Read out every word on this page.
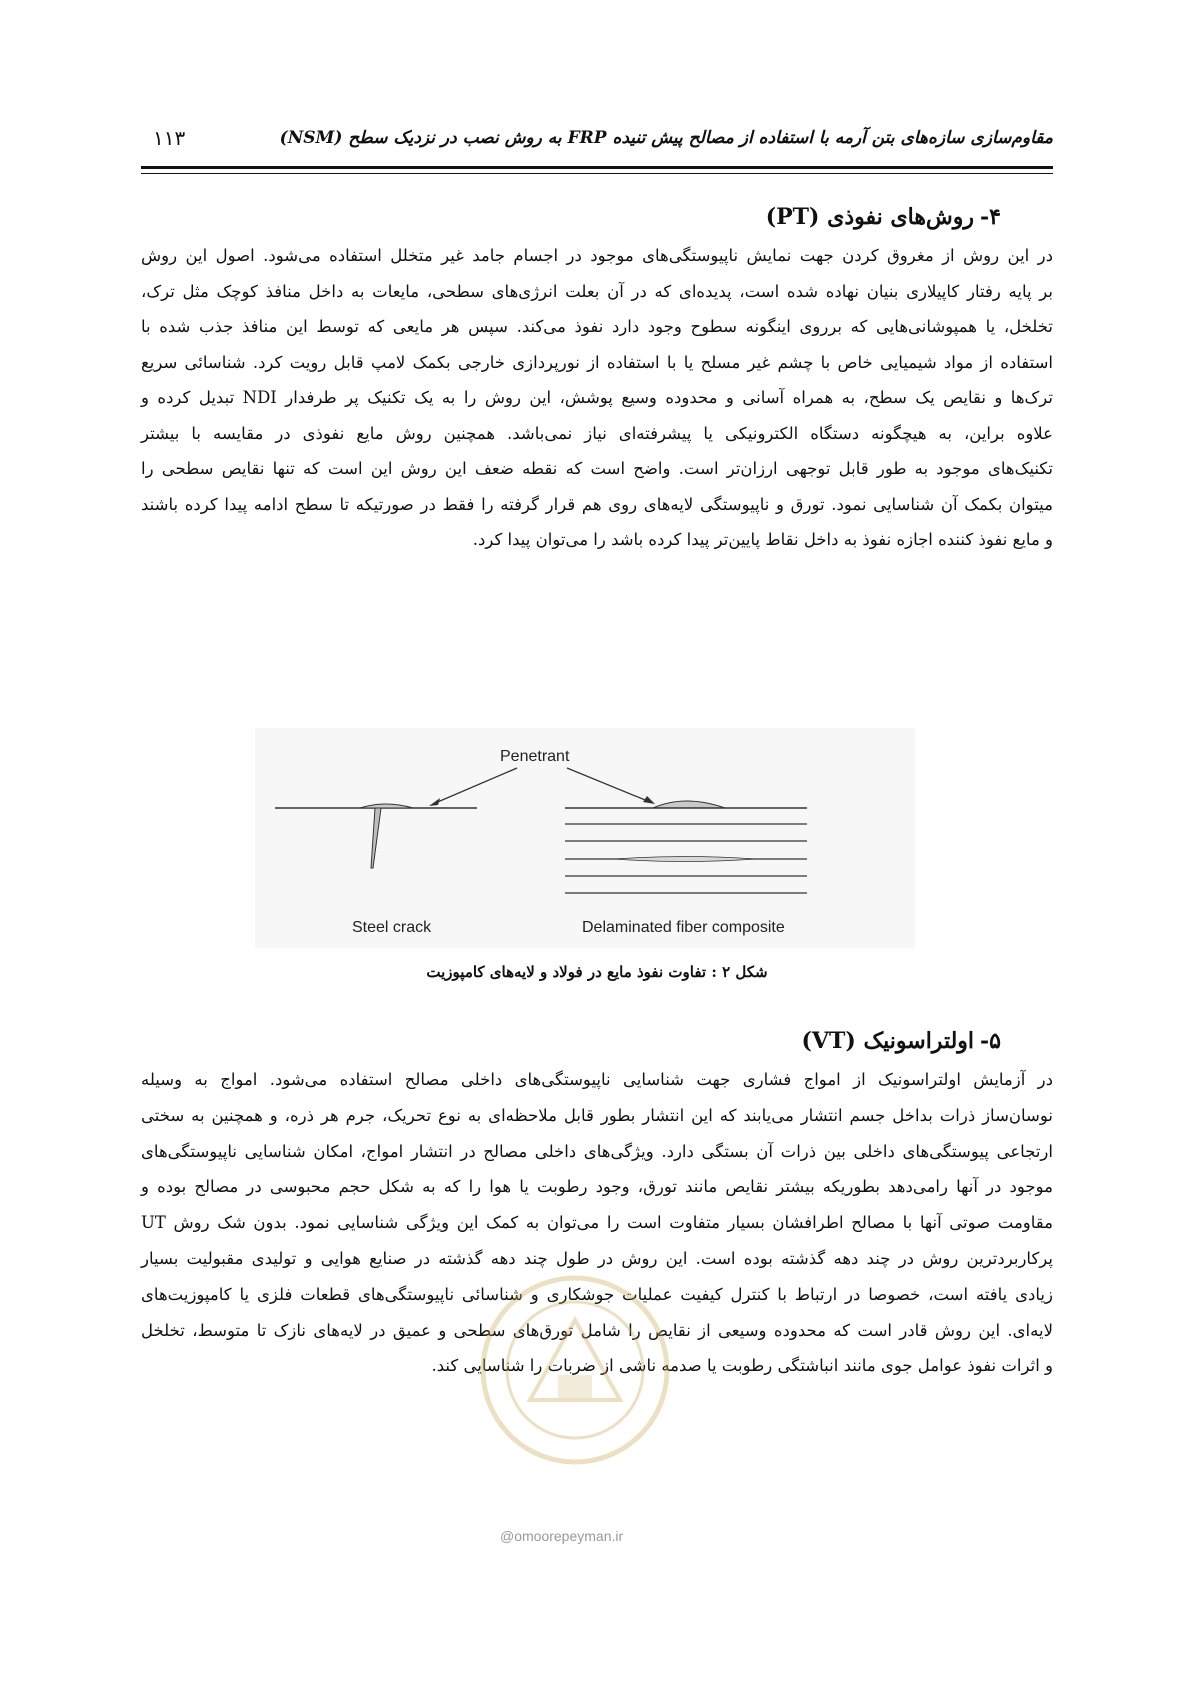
مقاوم‌سازی سازه‌های بتن آرمه با استفاده از مصالح پیش تنیده FRP به روش نصب در نزدیک سطح (NSM)
۱۱۳
۴-روش‌های نفوذی (PT)
در این روش از مغروق کردن جهت نمایش ناپیوستگی‌های موجود در اجسام جامد غیر متخلل استفاده می‌شود. اصول این روش
بر پایه رفتار کاپیلاری بنیان نهاده شده است، پدیده‌ای که در آن بعلت انرژی‌های سطحی، مایعات به داخل منافذ کوچک مثل ترک،
تخلخل، یا همپوشانی‌هایی که برروی اینگونه سطوح وجود دارد نفوذ می‌کند. سپس هر مایعی که توسط این منافذ جذب شده با
استفاده از مواد شیمیایی خاص با چشم غیر مسلح یا با استفاده از نورپردازی خارجی بکمک لامپ قابل رویت کرد. شناسائی سریع
ترک‌ها و نقایص یک سطح، به همراه آسانی و محدوده وسیع پوشش، این روش را به یک تکنیک پر طرفدار NDI تبدیل کرده و
علاوه براین، به هیچگونه دستگاه الکترونیکی یا پیشرفته‌ای نیاز نمی‌باشد. همچنین روش مایع نفوذی در مقایسه با بیشتر
تکنیک‌های موجود به طور قابل توجهی ارزان‌تر است. واضح است که نقطه ضعف این روش این است که تنها نقایص سطحی را
میتوان بکمک آن شناسایی نمود. تورق و ناپیوستگی لایه‌های روی هم قرار گرفته را فقط در صورتیکه تا سطح ادامه پیدا کرده باشند
و مایع نفوذ کننده اجازه نفوذ به داخل نقاط پایین‌تر پیدا کرده باشد را می‌توان پیدا کرد.
Penetrant
Steel crack	Delaminated fiber composite
شکل ۲ : تفاوت نفوذ مایع در فولاد و لایه‌های کامپوزیت
۵-اولتراسونیک (VT)
در آزمایش اولتراسونیک از امواج فشاری جهت شناسایی ناپیوستگی‌های داخلی مصالح استفاده می‌شود. امواج به وسیله
نوسان‌ساز ذرات بداخل جسم انتشار می‌یابند که این انتشار بطور قابل ملاحظه‌ای به نوع تحریک، جرم هر ذره، و همچنین به سختی
ارتجاعی پیوستگی‌های داخلی بین ذرات آن بستگی دارد. ویژگی‌های داخلی مصالح در انتشار امواج، امکان شناسایی ناپیوستگی‌های
موجود در آنها رامی‌دهد بطوریکه بیشتر نقایص مانند تورق، وجود رطوبت یا هوا را که به شکل حجم محبوسی در مصالح بوده و
مقاومت صوتی آنها با مصالح اطرافشان بسیار متفاوت است را می‌توان به کمک این ویژگی شناسایی نمود. بدون شک روش UT
پرکاربردترین روش در چند دهه گذشته بوده است. این روش در طول چند دهه گذشته در صنایع هوایی و تولیدی مقبولیت بسیار
زیادی یافته است، خصوصا در ارتباط با کنترل کیفیت عملیات جوشکاری و شناسائی ناپیوستگی‌های قطعات فلزی یا کامپوزیت‌های
لایه‌ای. این روش قادر است که محدوده وسیعی از نقایص را شامل تورق‌های سطحی و عمیق در لایه‌های نازک تا متوسط، تخلخل
و اثرات نفوذ عوامل جوی مانند انباشتگی رطوبت یا صدمه ناشی از ضربات را شناسایی کند.
@omoorepeyman.ir
